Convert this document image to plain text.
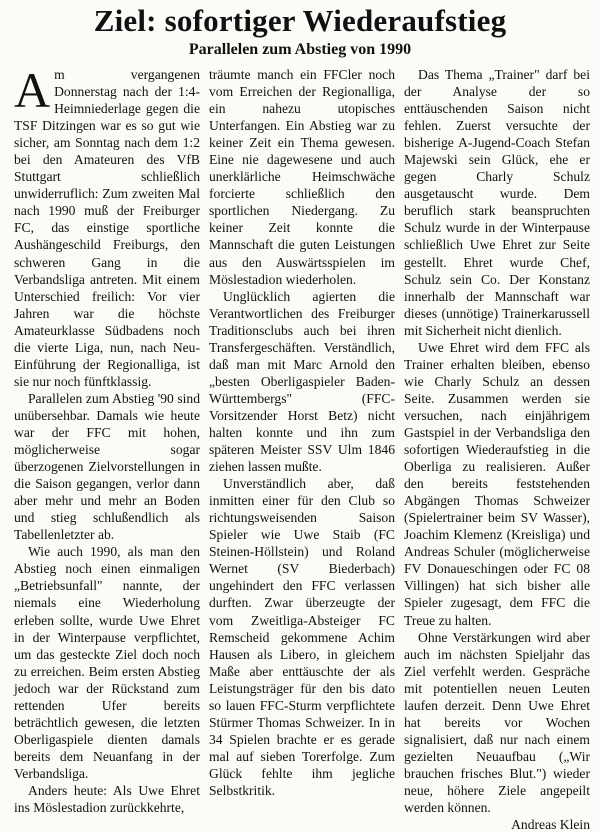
Ziel: sofortiger Wiederaufstieg
Parallelen zum Abstieg von 1990

Am vergangenen Donnerstag nach der 1:4-Heimniederlage gegen die TSF Ditzingen war es so gut wie sicher, am Sonntag nach dem 1:2 bei den Amateuren des VfB Stuttgart schließlich unwiderruflich: Zum zweiten Mal nach 1990 muß der Freiburger FC, das einstige sportliche Aushängeschild Freiburgs, den schweren Gang in die Verbandsliga antreten. Mit einem Unterschied freilich: Vor vier Jahren war die höchste Amateurklasse Südbadens noch die vierte Liga, nun, nach Neu-Einführung der Regionalliga, ist sie nur noch fünftklassig.

Parallelen zum Abstieg '90 sind unübersehbar. Damals wie heute war der FFC mit hohen, möglicherweise sogar überzogenen Zielvorstellungen in die Saison gegangen, verlor dann aber mehr und mehr an Boden und stieg schlußendlich als Tabellenletzter ab.

Wie auch 1990, als man den Abstieg noch einen einmaligen „Betriebsunfall" nannte, der niemals eine Wiederholung erleben sollte, wurde Uwe Ehret in der Winterpause verpflichtet, um das gesteckte Ziel doch noch zu erreichen. Beim ersten Abstieg jedoch war der Rückstand zum rettenden Ufer bereits beträchtlich gewesen, die letzten Oberligaspiele dienten damals bereits dem Neuanfang in der Verbandsliga.

Anders heute: Als Uwe Ehret ins Möslestadion zurückkehrte,

träumte manch ein FFCler noch vom Erreichen der Regionalliga, ein nahezu utopisches Unterfangen. Ein Abstieg war zu keiner Zeit ein Thema gewesen. Eine nie dagewesene und auch unerklärliche Heimschwäche forcierte schließlich den sportlichen Niedergang. Zu keiner Zeit konnte die Mannschaft die guten Leistungen aus den Auswärtsspielen im Möslestadion wiederholen.

Unglücklich agierten die Verantwortlichen des Freiburger Traditionsclubs auch bei ihren Transfergeschäften. Verständlich, daß man mit Marc Arnold den „besten Oberligaspieler Baden-Württembergs" (FFC-Vorsitzender Horst Betz) nicht halten konnte und ihn zum späteren Meister SSV Ulm 1846 ziehen lassen mußte.

Unverständlich aber, daß inmitten einer für den Club so richtungsweisenden Saison Spieler wie Uwe Staib (FC Steinen-Höllstein) und Roland Wernet (SV Biederbach) ungehindert den FFC verlassen durften. Zwar überzeugte der vom Zweitliga-Absteiger FC Remscheid gekommene Achim Hausen als Libero, in gleichem Maße aber enttäuschte der als Leistungsträger für den bis dato so lauen FFC-Sturm verpflichtete Stürmer Thomas Schweizer. In in 34 Spielen brachte er es gerade mal auf sieben Torerfolge. Zum Glück fehlte ihm jegliche Selbstkritik.

Das Thema „Trainer" darf bei der Analyse der so enttäuschenden Saison nicht fehlen. Zuerst versuchte der bisherige A-Jugend-Coach Stefan Majewski sein Glück, ehe er gegen Charly Schulz ausgetauscht wurde. Dem beruflich stark beanspruchten Schulz wurde in der Winterpause schließlich Uwe Ehret zur Seite gestellt. Ehret wurde Chef, Schulz sein Co. Der Konstanz innerhalb der Mannschaft war dieses (unnötige) Trainerkarussell mit Sicherheit nicht dienlich.

Uwe Ehret wird dem FFC als Trainer erhalten bleiben, ebenso wie Charly Schulz an dessen Seite. Zusammen werden sie versuchen, nach einjährigem Gastspiel in der Verbandsliga den sofortigen Wiederaufstieg in die Oberliga zu realisieren. Außer den bereits feststehenden Abgängen Thomas Schweizer (Spielertrainer beim SV Wasser), Joachim Klemenz (Kreisliga) und Andreas Schuler (möglicherweise FV Donaueschingen oder FC 08 Villingen) hat sich bisher alle Spieler zugesagt, dem FFC die Treue zu halten.

Ohne Verstärkungen wird aber auch im nächsten Spieljahr das Ziel verfehlt werden. Gespräche mit potentiellen neuen Leuten laufen derzeit. Denn Uwe Ehret hat bereits vor Wochen signalisiert, daß nur nach einem gezielten Neuaufbau („Wir brauchen frisches Blut.") wieder neue, höhere Ziele angepeilt werden können.

Andreas Klein
